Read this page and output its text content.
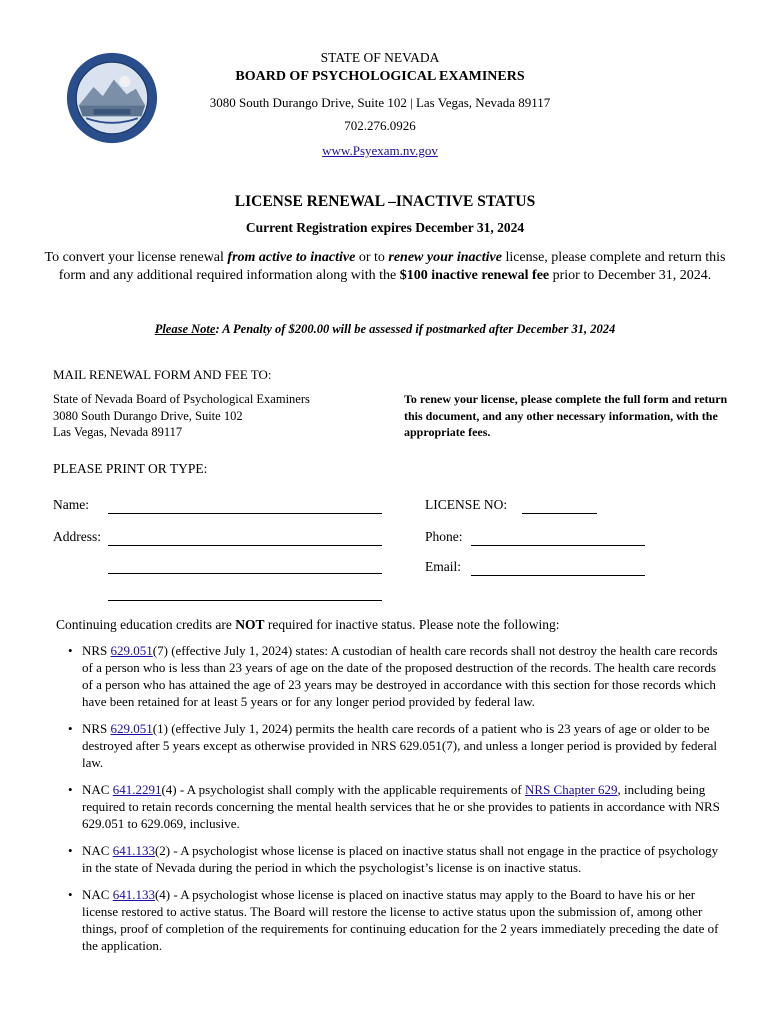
STATE OF NEVADA
BOARD OF PSYCHOLOGICAL EXAMINERS
3080 South Durango Drive, Suite 102 | Las Vegas, Nevada 89117
702.276.0926
www.Psyexam.nv.gov
LICENSE RENEWAL –INACTIVE STATUS
Current Registration expires December 31, 2024
To convert your license renewal from active to inactive or to renew your inactive license, please complete and return this form and any additional required information along with the $100 inactive renewal fee prior to December 31, 2024.
Please Note: A Penalty of $200.00 will be assessed if postmarked after December 31, 2024
MAIL RENEWAL FORM AND FEE TO:
State of Nevada Board of Psychological Examiners
3080 South Durango Drive, Suite 102
Las Vegas, Nevada 89117
To renew your license, please complete the full form and return this document, and any other necessary information, with the appropriate fees.
PLEASE PRINT OR TYPE:
Name:	LICENSE NO:
Address:	Phone:
Email:
Continuing education credits are NOT required for inactive status. Please note the following:
• NRS 629.051(7) (effective July 1, 2024) states: A custodian of health care records shall not destroy the health care records of a person who is less than 23 years of age on the date of the proposed destruction of the records. The health care records of a person who has attained the age of 23 years may be destroyed in accordance with this section for those records which have been retained for at least 5 years or for any longer period provided by federal law.
• NRS 629.051(1) (effective July 1, 2024) permits the health care records of a patient who is 23 years of age or older to be destroyed after 5 years except as otherwise provided in NRS 629.051(7), and unless a longer period is provided by federal law.
• NAC 641.2291(4) - A psychologist shall comply with the applicable requirements of NRS Chapter 629, including being required to retain records concerning the mental health services that he or she provides to patients in accordance with NRS 629.051 to 629.069, inclusive.
• NAC 641.133(2) - A psychologist whose license is placed on inactive status shall not engage in the practice of psychology in the state of Nevada during the period in which the psychologist’s license is on inactive status.
• NAC 641.133(4) - A psychologist whose license is placed on inactive status may apply to the Board to have his or her license restored to active status. The Board will restore the license to active status upon the submission of, among other things, proof of completion of the requirements for continuing education for the 2 years immediately preceding the date of the application.
